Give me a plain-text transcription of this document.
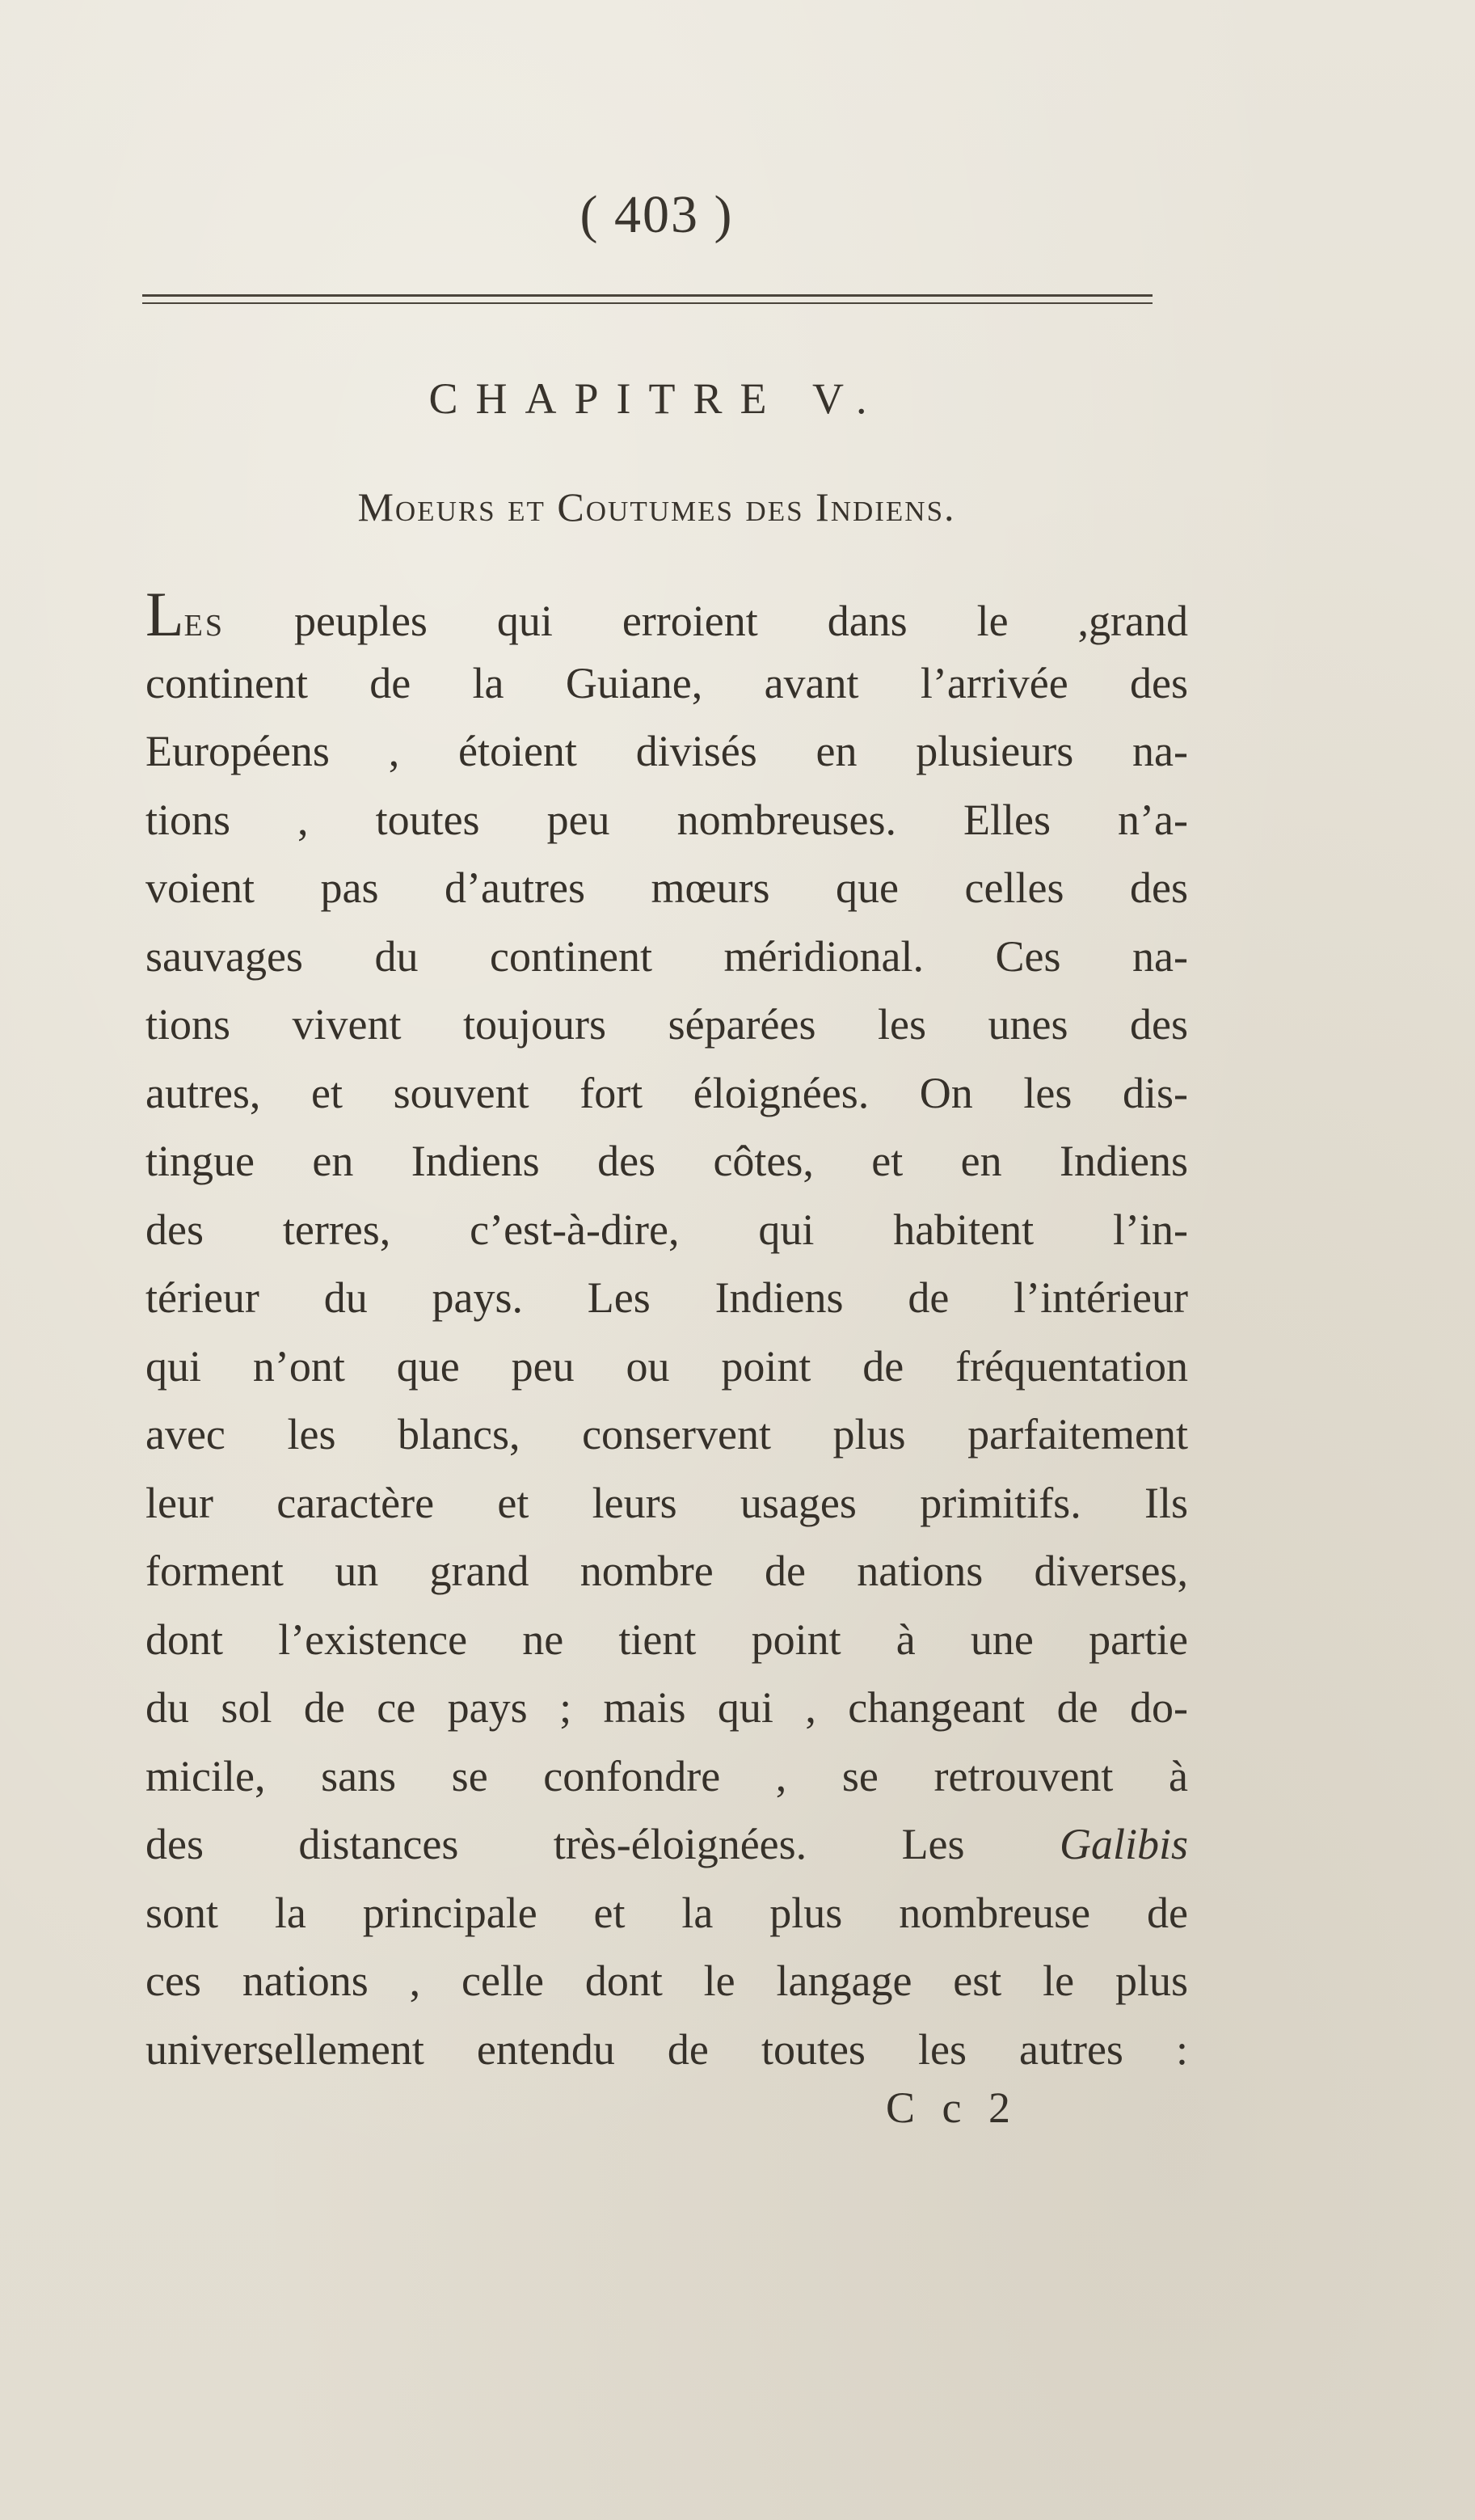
( 403 )
CHAPITRE V.
Moeurs et Coutumes des Indiens.
Les peuples qui erroient dans le ,grand
continent de la Guiane, avant l’arrivée des
Européens , étoient divisés en plusieurs na-
tions , toutes peu nombreuses. Elles n’a-
voient pas d’autres mœurs que celles des
sauvages du continent méridional. Ces na-
tions vivent toujours séparées les unes des
autres, et souvent fort éloignées. On les dis-
tingue en Indiens des côtes, et en Indiens
des terres, c’est-à-dire, qui habitent l’in-
térieur du pays. Les Indiens de l’intérieur
qui n’ont que peu ou point de fréquentation
avec les blancs, conservent plus parfaitement
leur caractère et leurs usages primitifs. Ils
forment un grand nombre de nations diverses,
dont l’existence ne tient point à une partie
du sol de ce pays ; mais qui , changeant de do-
micile, sans se confondre , se retrouvent à
des distances très-éloignées. Les Galibis
sont la principale et la plus nombreuse de
ces nations , celle dont le langage est le plus
universellement entendu de toutes les autres :
C c 2
